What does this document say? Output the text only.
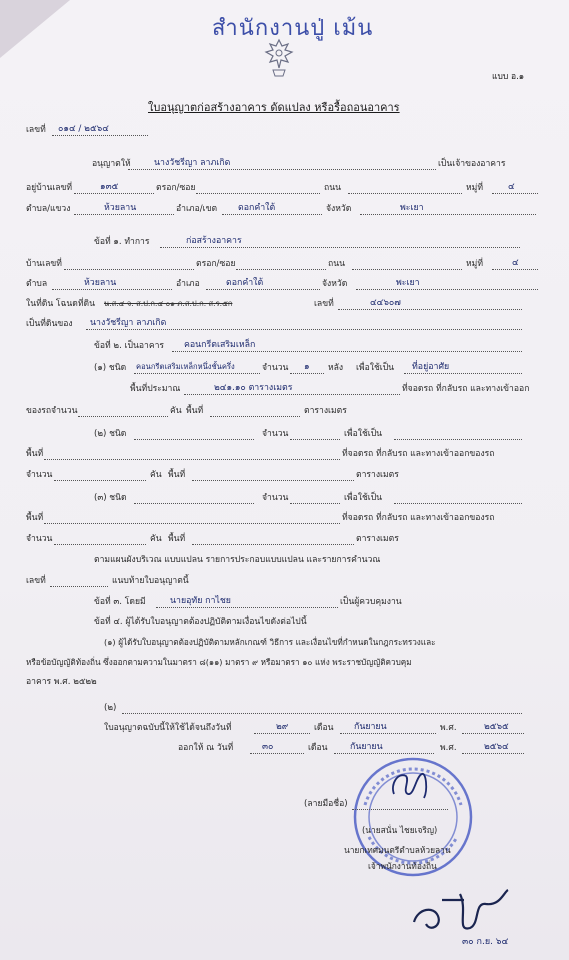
สำนักงานปู่ เม้น
แบบ อ.๑
ใบอนุญาตก่อสร้างอาคาร ดัดแปลง หรือรื้อถอนอาคาร
เลขที่ ๐๑๔ / ๒๕๖๔
อนุญาตให้	นางวัชรีญา ลาภเกิด	เป็นเจ้าของอาคาร
อยู่บ้านเลขที่	๑๓๕	ตรอก/ซอย	ถนน	หมู่ที่	๔
ตำบล/แขวง	ห้วยลาน	อำเภอ/เขต ดอกคำใต้	จังหวัด	พะเยา
ข้อที่ ๑. ทำการ	ก่อสร้างอาคาร
บ้านเลขที่	ตรอก/ซอย	ถนน	หมู่ที่	๔
ตำบล	ห้วยลาน	อำเภอ	ดอกคำใต้	จังหวัด	พะเยา
ในที่ดิน โฉนดที่ดิน น.ส.๔ จ. ส.ป.ก.๔ ๐๑ ภ.ส.ป.ก. ส.ร.๕ก	เลขที่	๔๔๖๐๗
เป็นที่ดินของ นางวัชรีญา ลาภเกิด
ข้อที่ ๒. เป็นอาคาร คอนกรีตเสริมเหล็ก
(๑) ชนิด คอนกรีตเสริมเหล็กหนึ่งชั้นครึ่ง	จำนวน ๑ หลัง เพื่อใช้เป็น ที่อยู่อาศัย
พื้นที่ประมาณ	๒๔๑.๑๐ ตารางเมตร	ที่จอดรถ ที่กลับรถ และทางเข้าออก
ของรถจำนวน	คัน พื้นที่	ตารางเมตร
(๒) ชนิด	จำนวน	เพื่อใช้เป็น
พื้นที่	ที่จอดรถ ที่กลับรถ และทางเข้าออกของรถ
จำนวน	คัน พื้นที่	ตารางเมตร
(๓) ชนิด	จำนวน	เพื่อใช้เป็น
พื้นที่	ที่จอดรถ ที่กลับรถ และทางเข้าออกของรถ
จำนวน	คัน พื้นที่	ตารางเมตร
ตามแผนผังบริเวณ แบบแปลน รายการประกอบแบบแปลน และรายการคำนวณ
เลขที่	แนบท้ายใบอนุญาตนี้
ข้อที่ ๓. โดยมี	นายอุทัย กาไชย	เป็นผู้ควบคุมงาน
ข้อที่ ๔. ผู้ได้รับใบอนุญาตต้องปฏิบัติตามเงื่อนไขดังต่อไปนี้
(๑) ผู้ได้รับใบอนุญาตต้องปฏิบัติตามหลักเกณฑ์ วิธีการ และเงื่อนไขที่กำหนดในกฎกระทรวงและ
หรือข้อบัญญัติท้องถิ่น ซึ่งออกตามความในมาตรา ๘(๑๑) มาตรา ๙ หรือมาตรา ๑๐ แห่ง พระราชบัญญัติควบคุม
อาคาร พ.ศ. ๒๕๒๒
(๒)
ใบอนุญาตฉบับนี้ให้ใช้ได้จนถึงวันที่	๒๙	เดือน กันยายน	พ.ศ.	๒๕๖๕
ออกให้ ณ วันที่	๓๐	เดือน	กันยายน	พ.ศ.	๒๕๖๔
(ลายมือชื่อ)
(นายสนั่น ไชยเจริญ)
นายกเทศมนตรีตำบลห้วยลาน
เจ้าพนักงานท้องถิ่น
๓๐ ก.ย. ๖๔
